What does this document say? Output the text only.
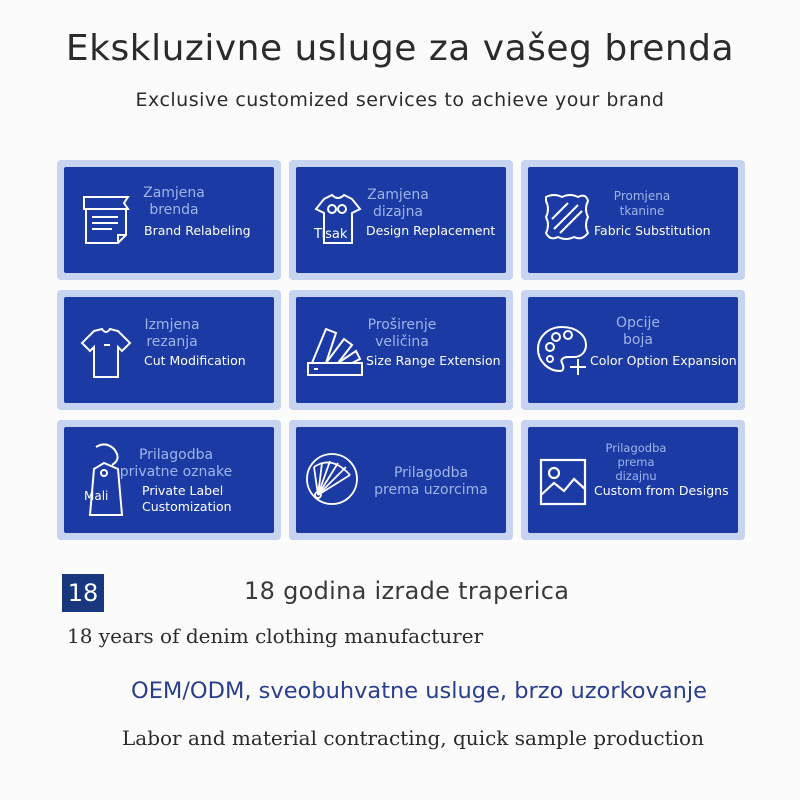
Ekskluzivne usluge za vašeg brenda
Exclusive customized services to achieve your brand
Zamjena
brenda
Brand Relabeling	Tisak
Zamjena
dizajna
Design Replacement
Promjena
tkanine
Fabric Substitution
Izmjena
rezanja
Cut Modification
Proširenje
veličina
Size Range Extension
Opcije
boja
Color Option Expansion
Mali
Prilagodba
privatne oznake
Private Label
Customization
Prilagodba
prema uzorcima
Prilagodba
prema
dizajnu
Custom from Designs
18	18 godina izrade traperica
18 years of denim clothing manufacturer
OEM/ODM, sveobuhvatne usluge, brzo uzorkovanje
Labor and material contracting, quick sample production
